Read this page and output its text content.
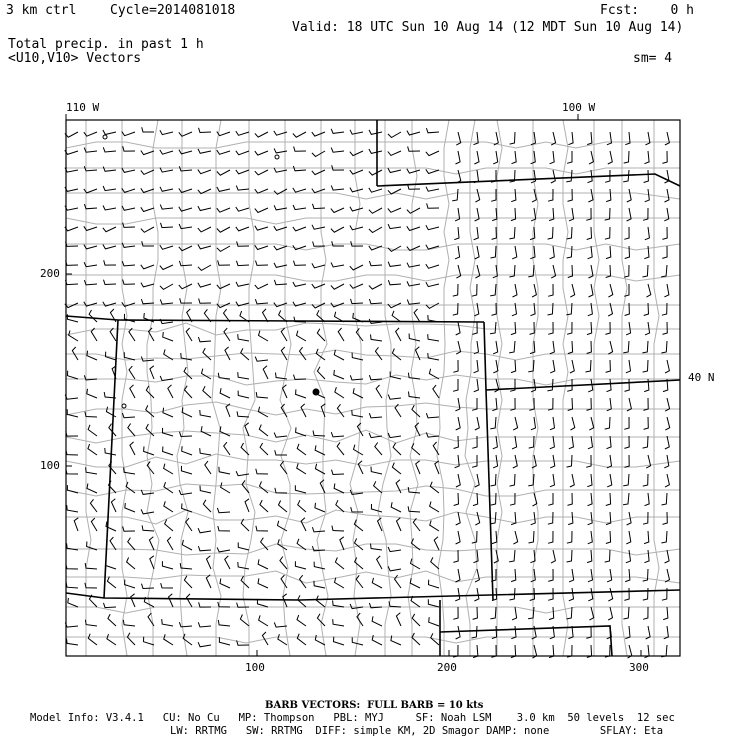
3 km ctrl	Cycle=2014081018	Fcst:    0 h
Valid: 18 UTC Sun 10 Aug 14 (12 MDT Sun 10 Aug 14)
Total precip. in past 1 h
<U10,V10> Vectors	sm= 4
110 W	100 W
40 N
100	200	300
200
100
BARB VECTORS:  FULL BARB = 10 kts
Model Info: V3.4.1   CU: No Cu   MP: Thompson   PBL: MYJ     SF: Noah LSM    3.0 km  50 levels  12 sec
LW: RRTMG   SW: RRTMG  DIFF: simple KM, 2D Smagor DAMP: none        SFLAY: Eta
